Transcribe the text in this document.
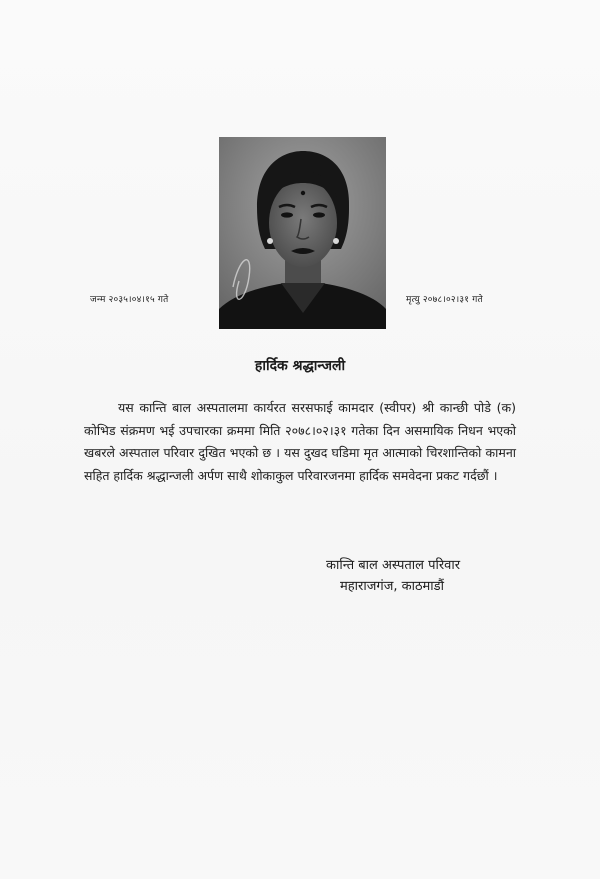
जन्म २०३५।०४।१५ गते	मृत्यु २०७८।०२।३१ गते
हार्दिक श्रद्धान्जली

यस कान्ति बाल अस्पतालमा कार्यरत सरसफाई कामदार (स्वीपर) श्री कान्छी पोडे (क) कोभिड संक्रमण भई उपचारका क्रममा मिति २०७८।०२।३१ गतेका दिन असमायिक निधन भएको खबरले अस्पताल परिवार दुखित भएको छ । यस दुखद घडिमा मृत आत्माको चिरशान्तिको कामना सहित हार्दिक श्रद्धान्जली अर्पण साथै शोकाकुल परिवारजनमा हार्दिक समवेदना प्रकट गर्दछौं ।

कान्ति बाल अस्पताल परिवार
महाराजगंज, काठमाडौं
